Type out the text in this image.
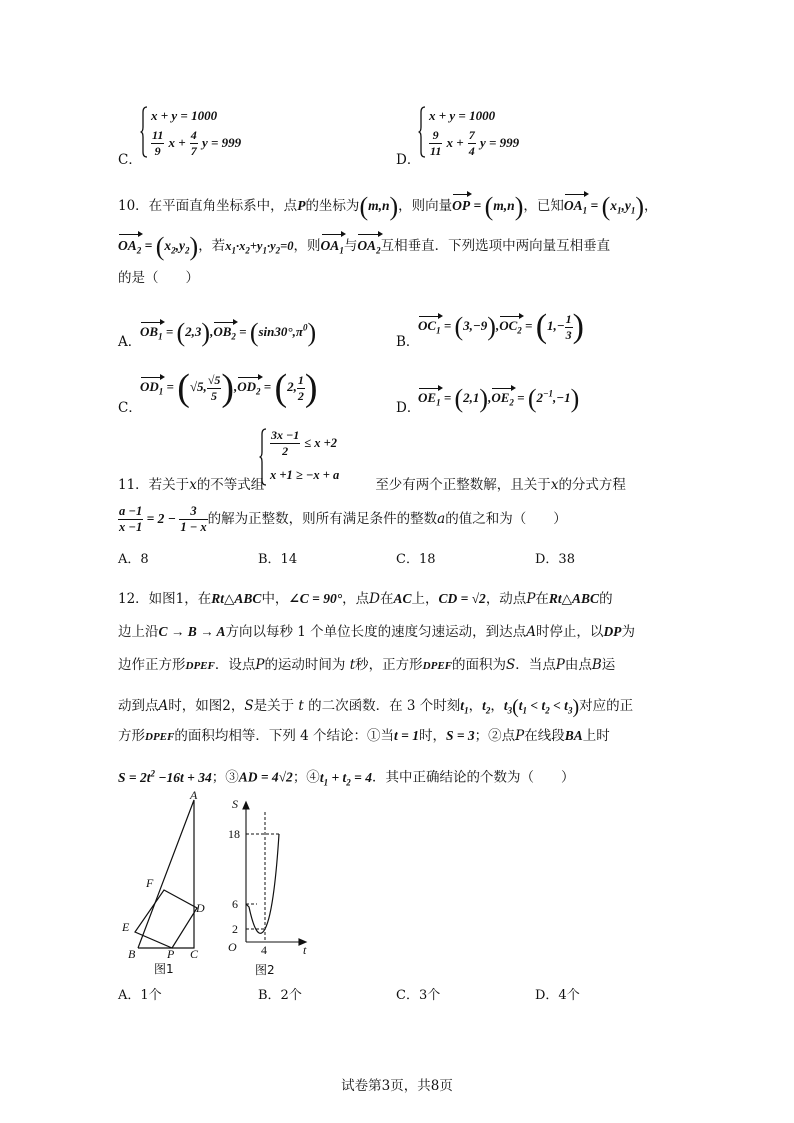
C．
x + y = 1000
$\frac{11}{9}$ $x + \frac{4}{7}$ y = 999
D．
x + y = 1000
$\frac{9}{11}$ $x + \frac{7}{4}$ y = 999
10．在平面直角坐标系中，点P的坐标为(m,n)，则向量OP = (m,n)，已知$OA_1 = (x_1,y_1)$，
$OA_2 = (x_2,y_2)$，若$x_1\cdot x_2+y_1\cdot y_2=0$，则$OA_1$与$OA_2$互相垂直．下列选项中两向量互相垂直
的是（　　）
A．
$OB_1 = (2,3),OB_2 = (\sin 30^\circ,\pi^0)$	B．
$OC_1 = (3,-9),OC_2 = (1,- \frac{1}{3}$ )
C．
$OD_1 = (√5$, $\frac{√5}{5} ),OD_2 = (2$, $\frac{1}{2}$ )	D．
$OE_1 = (2,1),OE_2 = (2^{-1},-1)$
$\frac{3x -1}{2} \le x +2$
x +1 ≥ −x + a
11．若关于x的不等式组	至少有两个正整数解，且关于x的分式方程
$\frac{a -1}{x -1} = 2 - \frac{3}{1 - x}$ 的解为正整数，则所有满足条件的整数a的值之和为（　　）
A．8	B．14	C．18	D．38
12．如图1，在Rt△ABC中，∠C = 90°，点D在AC上，CD = √2，动点P在Rt△ABC的
边上沿C → B → A方向以每秒 1 个单位长度的速度匀速运动，到达点A时停止，以DP为
边作正方形DPEF．设点P的运动时间为 t秒，正方形DPEF的面积为S．当点P由点B运
动到点A时，如图2，S是关于 t 的二次函数．在 3 个时刻$t_1$，$t_2$，$t_3(t_1 < t_2 < t_3)$对应的正
方形DPEF的面积均相等．下列 4 个结论：①当t = 1时，S = 3；②点P在线段BA上时
$S = 2t^2 -16t + 34$；③AD = 4√2；$④t_1 + t_2 = 4$．其中正确结论的个数为（　　）
A
B	C
D
E
F
P
图1
S
t
O
18
6
2
4
图2
A．1个	B．2个	C．3个	D．4个
试卷第3页，共8页
